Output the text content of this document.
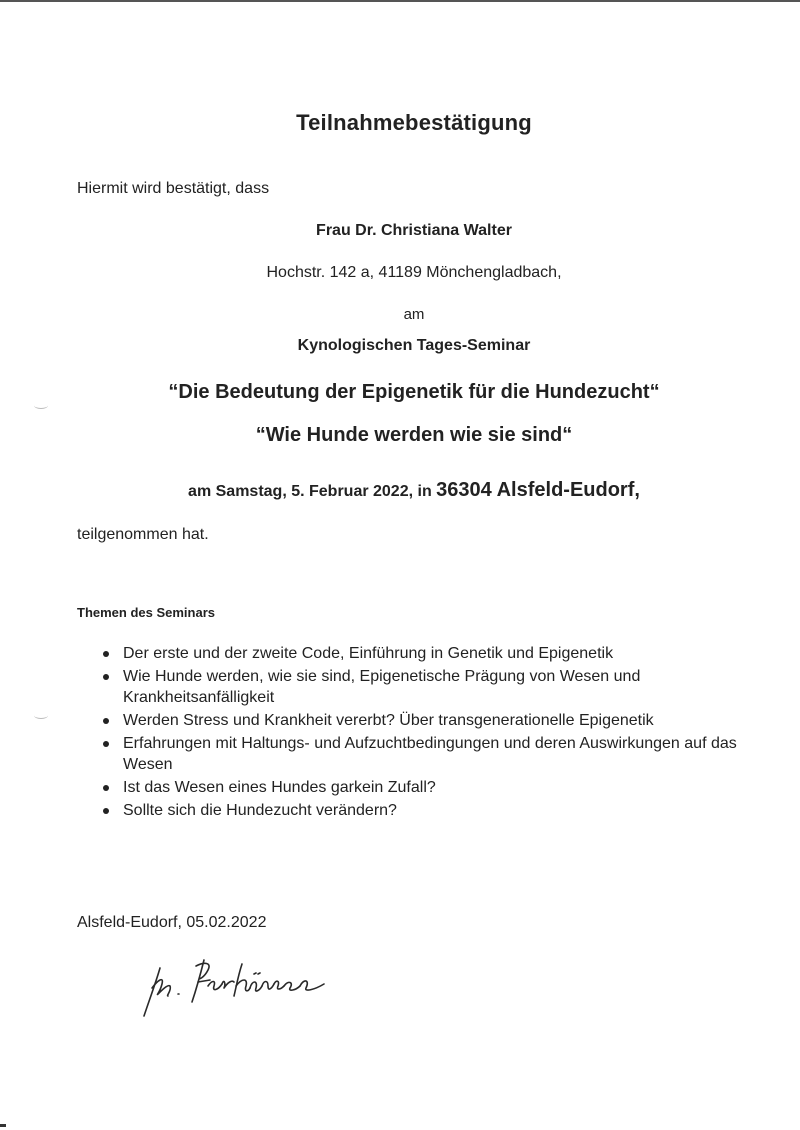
Teilnahmebestätigung
Hiermit wird bestätigt, dass
Frau Dr. Christiana Walter
Hochstr. 142 a, 41189 Mönchengladbach,
am
Kynologischen Tages-Seminar
“Die Bedeutung der Epigenetik für die Hundezucht“
“Wie Hunde werden wie sie sind“
am Samstag, 5. Februar 2022, in 36304 Alsfeld-Eudorf,
teilgenommen hat.
Themen des Seminars
Der erste und der zweite Code, Einführung in Genetik und Epigenetik
Wie Hunde werden, wie sie sind, Epigenetische Prägung von Wesen und Krankheitsanfälligkeit
Werden Stress und Krankheit vererbt? Über transgenerationelle Epigenetik
Erfahrungen mit Haltungs- und Aufzuchtbedingungen und deren Auswirkungen auf das Wesen
Ist das Wesen eines Hundes garkein Zufall?
Sollte sich die Hundezucht verändern?
Alsfeld-Eudorf, 05.02.2022
